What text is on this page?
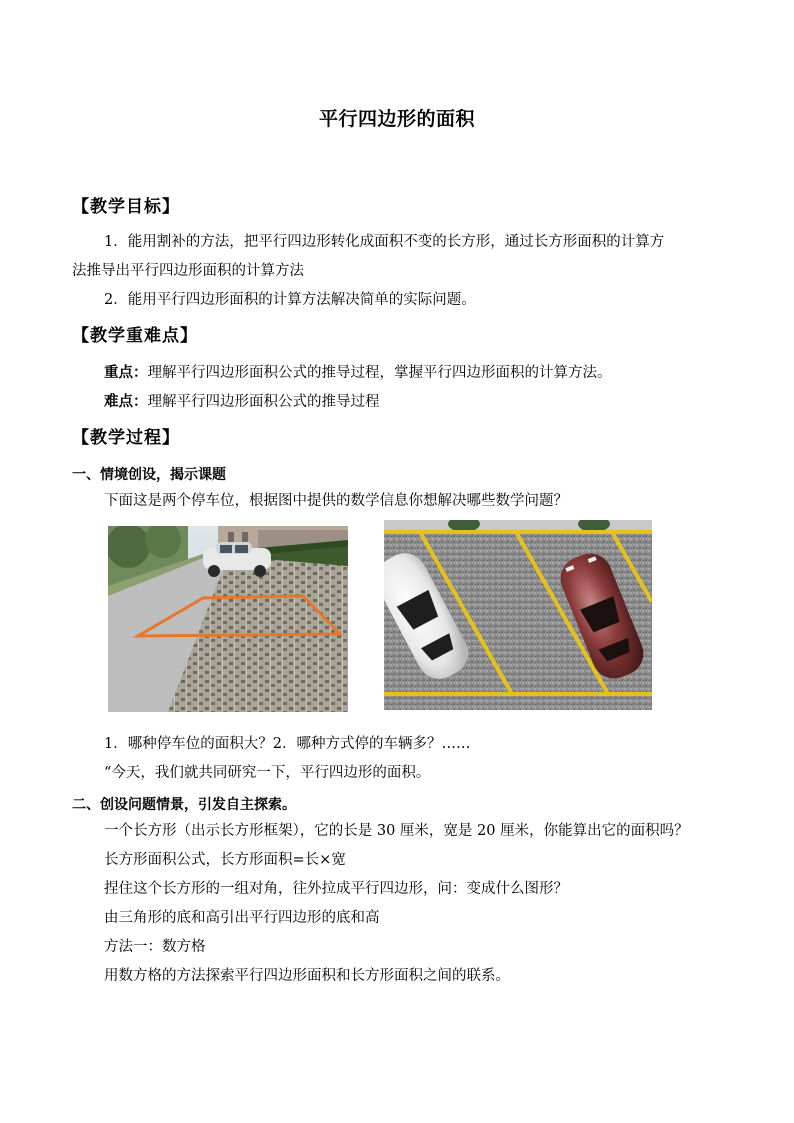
平行四边形的面积
【教学目标】
1．能用割补的方法，把平行四边形转化成面积不变的长方形，通过长方形面积的计算方
法推导出平行四边形面积的计算方法
2．能用平行四边形面积的计算方法解决简单的实际问题。
【教学重难点】
重点：理解平行四边形面积公式的推导过程，掌握平行四边形面积的计算方法。
难点：理解平行四边形面积公式的推导过程
【教学过程】
一、情境创设，揭示课题
下面这是两个停车位，根据图中提供的数学信息你想解决哪些数学问题？
1．哪种停车位的面积大？2．哪种方式停的车辆多？……
“今天，我们就共同研究一下，平行四边形的面积。
二、创设问题情景，引发自主探索。
一个长方形（出示长方形框架），它的长是 30 厘米，宽是 20 厘米，你能算出它的面积吗？
长方形面积公式，长方形面积=长×宽
捏住这个长方形的一组对角，往外拉成平行四边形，问：变成什么图形？
由三角形的底和高引出平行四边形的底和高
方法一：数方格
用数方格的方法探索平行四边形面积和长方形面积之间的联系。
